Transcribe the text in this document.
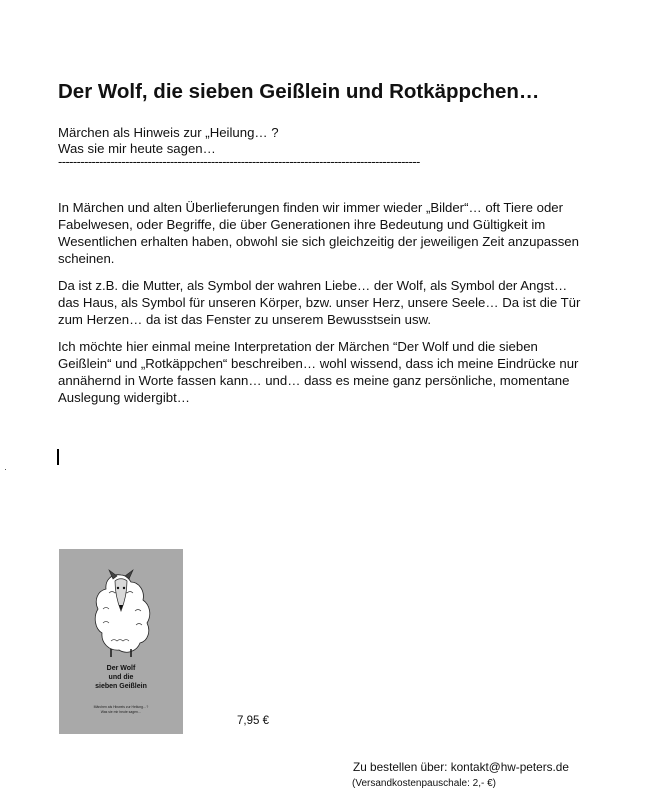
Der Wolf, die sieben Geißlein und Rotkäppchen…
Märchen als Hinweis zur „Heilung… ?
Was sie mir heute sagen…
-------------------------------------------------------------------------------------------------
In Märchen und alten Überlieferungen finden wir immer wieder „Bilder“… oft Tiere oder Fabelwesen, oder Begriffe, die über Generationen ihre Bedeutung und Gültigkeit im Wesentlichen erhalten haben, obwohl sie sich gleichzeitig der jeweiligen Zeit anzupassen scheinen.
Da ist z.B. die Mutter, als Symbol der wahren Liebe… der Wolf, als Symbol der Angst… das Haus, als Symbol für unseren Körper, bzw. unser Herz, unsere Seele… Da ist die Tür zum Herzen… da ist das Fenster zu unserem Bewusstsein usw.
Ich möchte hier einmal meine Interpretation der Märchen “Der Wolf und die sieben Geißlein“ und „Rotkäppchen“ beschreiben… wohl wissend, dass ich meine Eindrücke nur annähernd in Worte fassen kann… und… dass es meine ganz persönliche, momentane Auslegung widergibt…
Der Wolf
und die
sieben Geißlein
Märchen als Hinweis zur Heilung…?
Was sie mir heute sagen…
7,95 €
Zu bestellen über: kontakt@hw-peters.de
(Versandkostenpauschale: 2,- €)
